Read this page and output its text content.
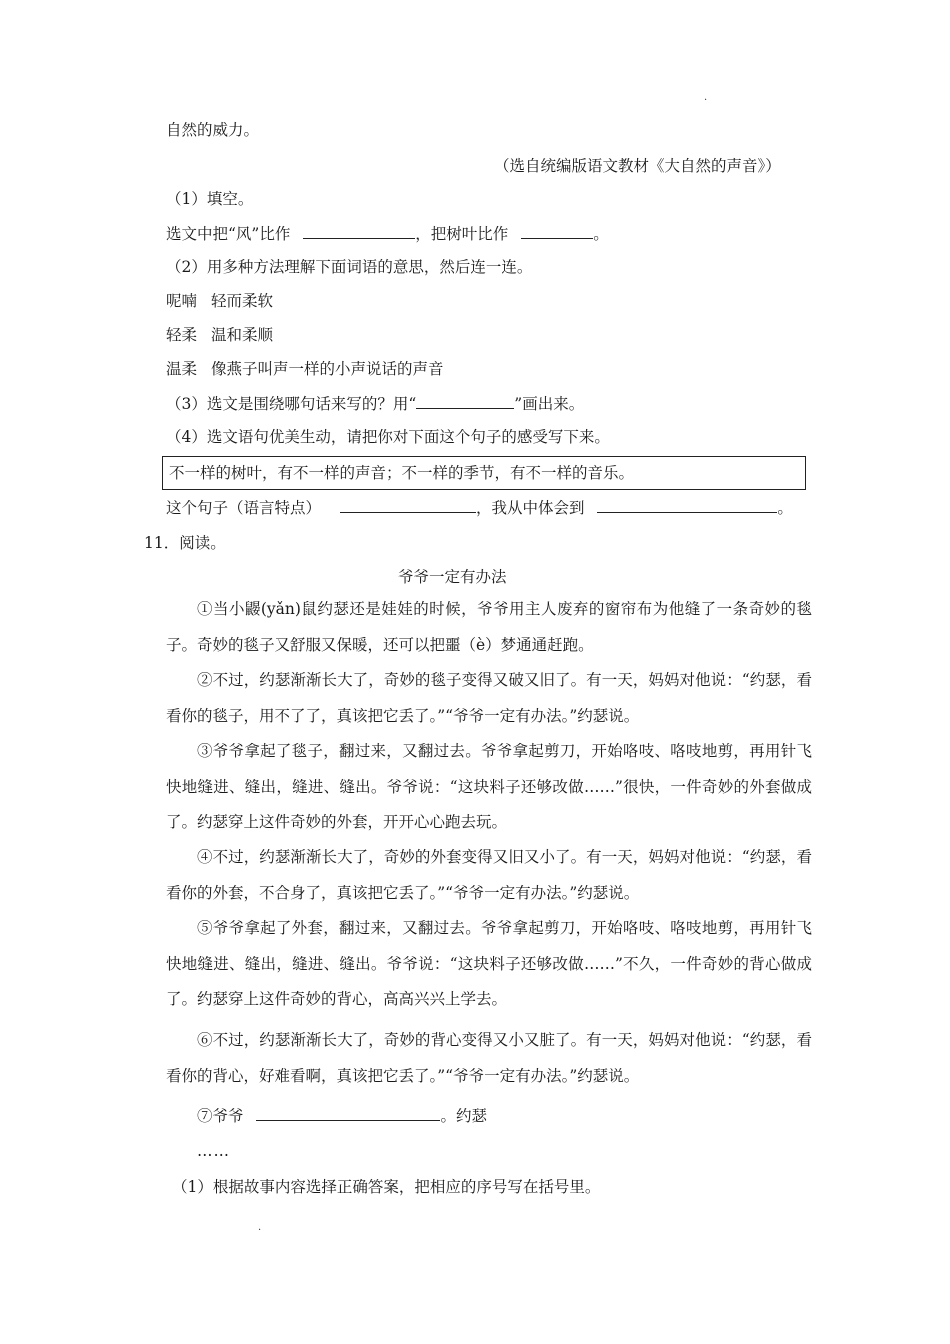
.
自然的威力。
（选自统编版语文教材《大自然的声音》）
（1）填空。
选文中把“风”比作	，把树叶比作	。
（2）用多种方法理解下面词语的意思，然后连一连。
呢喃 轻而柔软
轻柔 温和柔顺
温柔 像燕子叫声一样的小声说话的声音
（3）选文是围绕哪句话来写的？用“	”画出来。
（4）选文语句优美生动，请把你对下面这个句子的感受写下来。
不一样的树叶，有不一样的声音；不一样的季节，有不一样的音乐。
这个句子（语言特点）	，我从中体会到	。
11．阅读。
爷爷一定有办法
①当小鼹(yǎn)鼠约瑟还是娃娃的时候，爷爷用主人废弃的窗帘布为他缝了一条奇妙的毯子。奇妙的毯子又舒服又保暖，还可以把噩（è）梦通通赶跑。
②不过，约瑟渐渐长大了，奇妙的毯子变得又破又旧了。有一天，妈妈对他说：“约瑟，看看你的毯子，用不了了，真该把它丢了。”“爷爷一定有办法。”约瑟说。
③爷爷拿起了毯子，翻过来，又翻过去。爷爷拿起剪刀，开始咯吱、咯吱地剪，再用针飞快地缝进、缝出，缝进、缝出。爷爷说：“这块料子还够改做……”很快，一件奇妙的外套做成了。约瑟穿上这件奇妙的外套，开开心心跑去玩。
④不过，约瑟渐渐长大了，奇妙的外套变得又旧又小了。有一天，妈妈对他说：“约瑟，看看你的外套，不合身了，真该把它丢了。”“爷爷一定有办法。”约瑟说。
⑤爷爷拿起了外套，翻过来，又翻过去。爷爷拿起剪刀，开始咯吱、咯吱地剪，再用针飞快地缝进、缝出，缝进、缝出。爷爷说：“这块料子还够改做……”不久，一件奇妙的背心做成了。约瑟穿上这件奇妙的背心，高高兴兴上学去。
⑥不过，约瑟渐渐长大了，奇妙的背心变得又小又脏了。有一天，妈妈对他说：“约瑟，看看你的背心，好难看啊，真该把它丢了。”“爷爷一定有办法。”约瑟说。
⑦爷爷	。约瑟
……
（1）根据故事内容选择正确答案，把相应的序号写在括号里。
.
